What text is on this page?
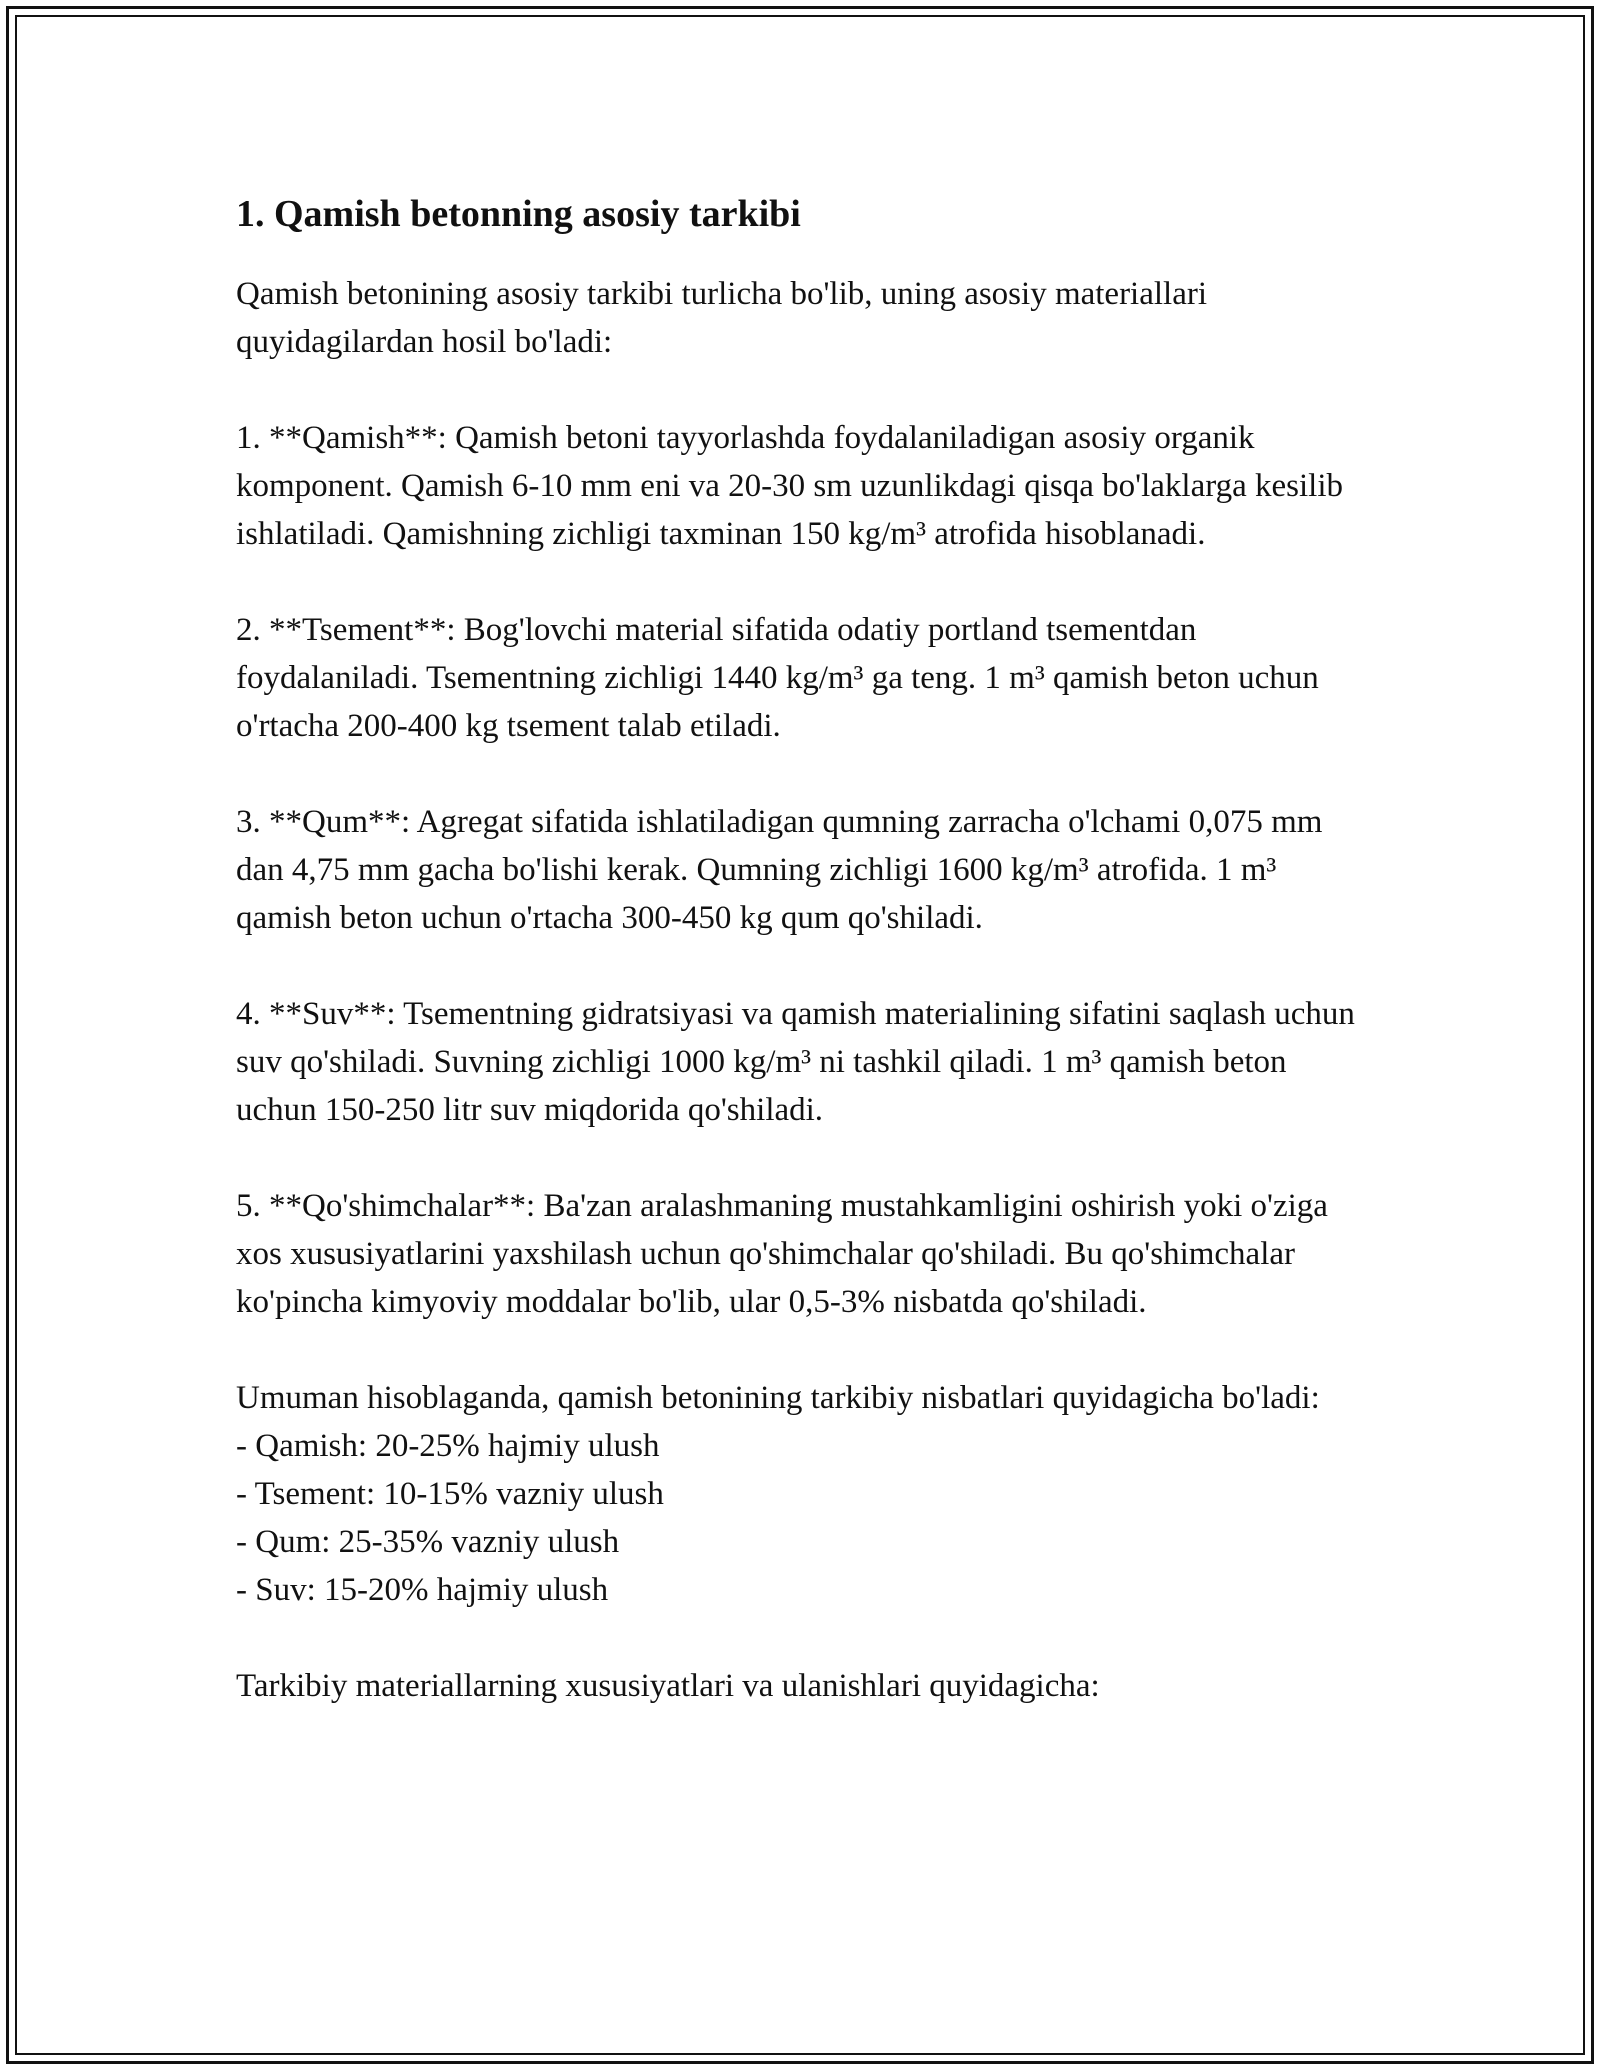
1. Qamish betonning asosiy tarkibi

Qamish betonining asosiy tarkibi turlicha bo'lib, uning asosiy materiallari quyidagilardan hosil bo'ladi:

1. **Qamish**: Qamish betoni tayyorlashda foydalaniladigan asosiy organik komponent. Qamish 6-10 mm eni va 20-30 sm uzunlikdagi qisqa bo'laklarga kesilib ishlatiladi. Qamishning zichligi taxminan 150 kg/m³ atrofida hisoblanadi.

2. **Tsement**: Bog'lovchi material sifatida odatiy portland tsementdan foydalaniladi. Tsementning zichligi 1440 kg/m³ ga teng. 1 m³ qamish beton uchun o'rtacha 200-400 kg tsement talab etiladi.

3. **Qum**: Agregat sifatida ishlatiladigan qumning zarracha o'lchami 0,075 mm dan 4,75 mm gacha bo'lishi kerak. Qumning zichligi 1600 kg/m³ atrofida. 1 m³ qamish beton uchun o'rtacha 300-450 kg qum qo'shiladi.

4. **Suv**: Tsementning gidratsiyasi va qamish materialining sifatini saqlash uchun suv qo'shiladi. Suvning zichligi 1000 kg/m³ ni tashkil qiladi. 1 m³ qamish beton uchun 150-250 litr suv miqdorida qo'shiladi.

5. **Qo'shimchalar**: Ba'zan aralashmaning mustahkamligini oshirish yoki o'ziga xos xususiyatlarini yaxshilash uchun qo'shimchalar qo'shiladi. Bu qo'shimchalar ko'pincha kimyoviy moddalar bo'lib, ular 0,5-3% nisbatda qo'shiladi.

Umuman hisoblaganda, qamish betonining tarkibiy nisbatlari quyidagicha bo'ladi:
- Qamish: 20-25% hajmiy ulush
- Tsement: 10-15% vazniy ulush
- Qum: 25-35% vazniy ulush
- Suv: 15-20% hajmiy ulush

Tarkibiy materiallarning xususiyatlari va ulanishlari quyidagicha:
